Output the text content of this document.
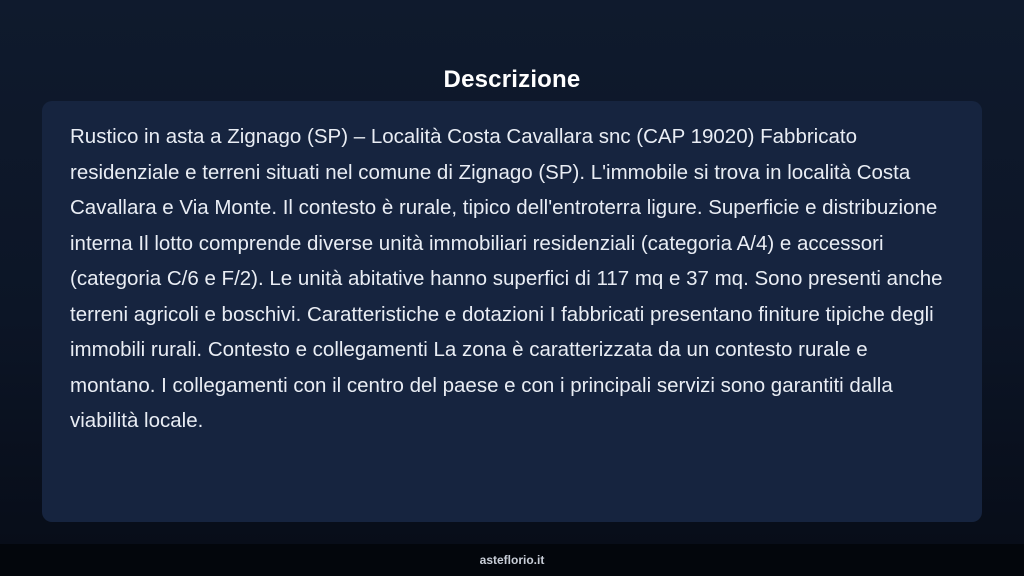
Descrizione

Rustico in asta a Zignago (SP) – Località Costa Cavallara snc (CAP 19020) Fabbricato residenziale e terreni situati nel comune di Zignago (SP). L'immobile si trova in località Costa Cavallara e Via Monte. Il contesto è rurale, tipico dell'entroterra ligure. Superficie e distribuzione interna Il lotto comprende diverse unità immobiliari residenziali (categoria A/4) e accessori (categoria C/6 e F/2). Le unità abitative hanno superfici di 117 mq e 37 mq. Sono presenti anche terreni agricoli e boschivi. Caratteristiche e dotazioni I fabbricati presentano finiture tipiche degli immobili rurali. Contesto e collegamenti La zona è caratterizzata da un contesto rurale e montano. I collegamenti con il centro del paese e con i principali servizi sono garantiti dalla viabilità locale.

asteflorio.it
